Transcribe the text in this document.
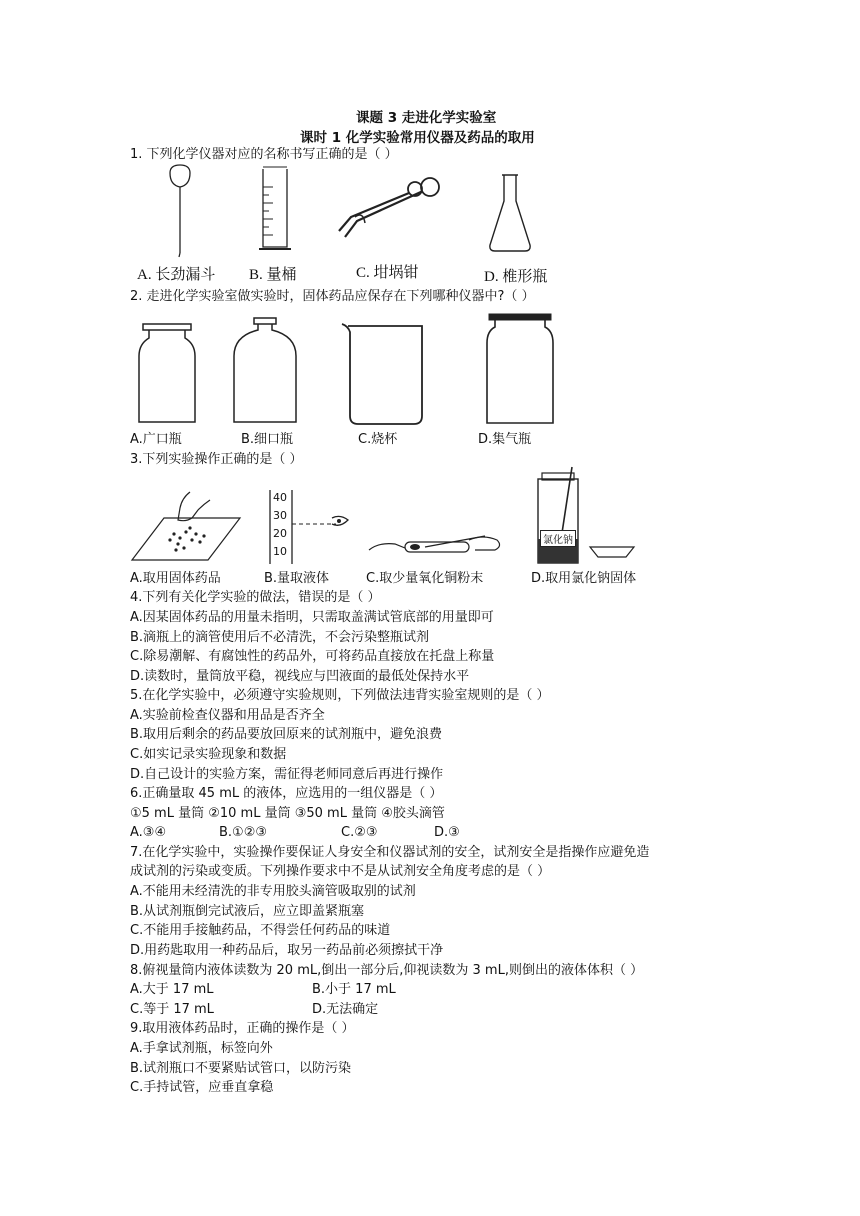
课题 3 走进化学实验室
课时 1 化学实验常用仪器及药品的取用
1. 下列化学仪器对应的名称书写正确的是（ ）
A. 长劲漏斗 B. 量桶	C. 坩埚钳	D. 椎形瓶
2. 走进化学实验室做实验时，固体药品应保存在下列哪种仪器中?（ ）
A.广口瓶	B.细口瓶	C.烧杯	D.集气瓶
3.下列实验操作正确的是（ ）
40
30
20
10
氯化钠
A.取用固体药品	B.量取液体	C.取少量氧化铜粉末	D.取用氯化钠固体
4.下列有关化学实验的做法，错误的是（ ）
A.因某固体药品的用量未指明，只需取盖满试管底部的用量即可
B.滴瓶上的滴管使用后不必清洗，不会污染整瓶试剂
C.除易潮解、有腐蚀性的药品外，可将药品直接放在托盘上称量
D.读数时，量筒放平稳，视线应与凹液面的最低处保持水平
5.在化学实验中，必须遵守实验规则，下列做法违背实验室规则的是（ ）
A.实验前检查仪器和用品是否齐全
B.取用后剩余的药品要放回原来的试剂瓶中，避免浪费
C.如实记录实验现象和数据
D.自己设计的实验方案，需征得老师同意后再进行操作
6.正确量取 45 mL 的液体，应选用的一组仪器是（ ）
①5 mL 量筒 ②10 mL 量筒 ③50 mL 量筒 ④胶头滴管
A.③④	B.①②③	C.②③	D.③
7.在化学实验中，实验操作要保证人身安全和仪器试剂的安全，试剂安全是指操作应避免造
成试剂的污染或变质。下列操作要求中不是从试剂安全角度考虑的是（ ）
A.不能用未经清洗的非专用胶头滴管吸取别的试剂
B.从试剂瓶倒完试液后，应立即盖紧瓶塞
C.不能用手接触药品，不得尝任何药品的味道
D.用药匙取用一种药品后，取另一药品前必须擦拭干净
8.俯视量筒内液体读数为 20 mL,倒出一部分后,仰视读数为 3 mL,则倒出的液体体积（ ）
A.大于 17 mL	B.小于 17 mL
C.等于 17 mL	D.无法确定
9.取用液体药品时，正确的操作是（ ）
A.手拿试剂瓶，标签向外
B.试剂瓶口不要紧贴试管口，以防污染
C.手持试管，应垂直拿稳
